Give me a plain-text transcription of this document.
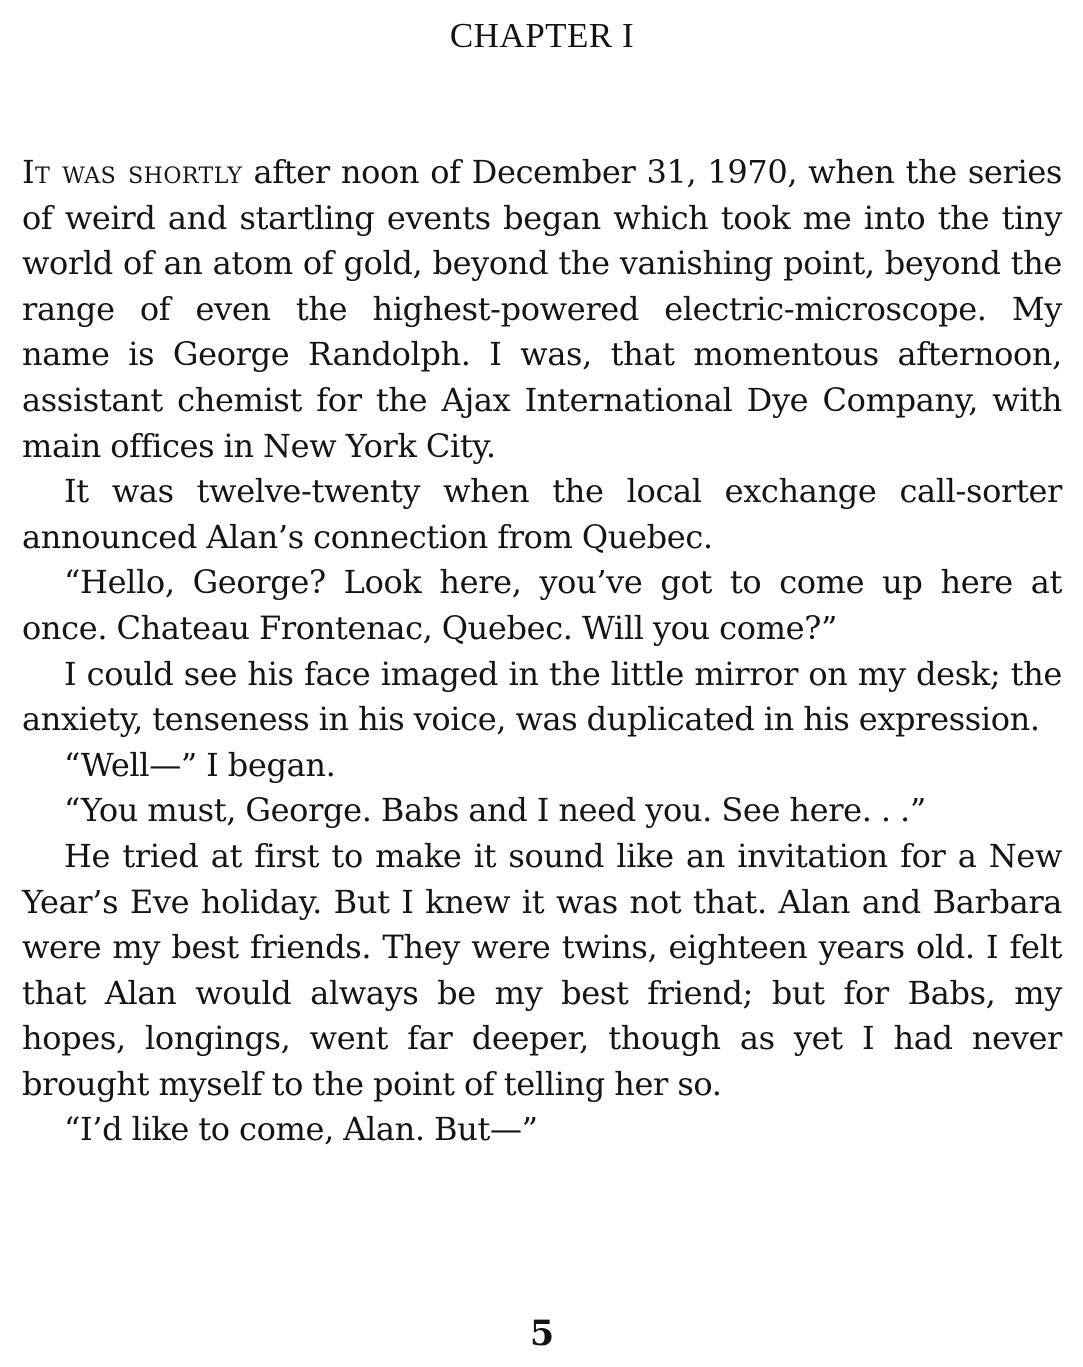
CHAPTER I

It was shortly after noon of December 31, 1970, when the series of weird and startling events began which took me into the tiny world of an atom of gold, beyond the vanishing point, beyond the range of even the highest-powered electric-microscope. My name is George Randolph. I was, that momentous afternoon, assistant chemist for the Ajax International Dye Company, with main offices in New York City.

It was twelve-twenty when the local exchange call-sorter announced Alan’s connection from Quebec.

“Hello, George? Look here, you’ve got to come up here at once. Chateau Frontenac, Quebec. Will you come?”

I could see his face imaged in the little mirror on my desk; the anxiety, tenseness in his voice, was duplicated in his expression.

“Well—” I began.

“You must, George. Babs and I need you. See here. . .”

He tried at first to make it sound like an invitation for a New Year’s Eve holiday. But I knew it was not that. Alan and Barbara were my best friends. They were twins, eighteen years old. I felt that Alan would always be my best friend; but for Babs, my hopes, longings, went far deeper, though as yet I had never brought myself to the point of telling her so.

“I’d like to come, Alan. But—”

5
